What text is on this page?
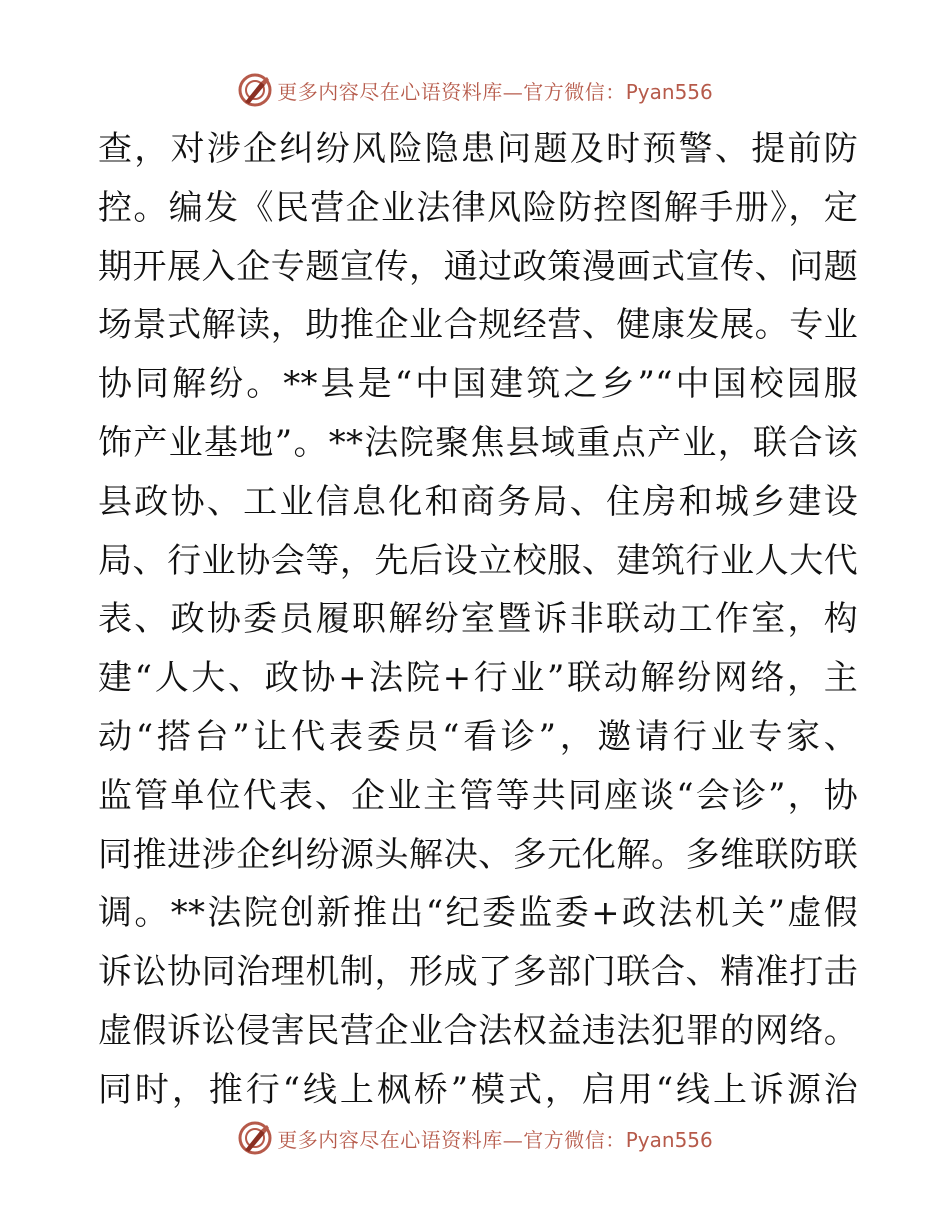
更多内容尽在心语资料库—官方微信：Pyan556
查，对涉企纠纷风险隐患问题及时预警、提前防
控。编发《民营企业法律风险防控图解手册》，定
期开展入企专题宣传，通过政策漫画式宣传、问题
场景式解读，助推企业合规经营、健康发展。专业
协同解纷。**县是“中国建筑之乡”“中国校园服
饰产业基地”。**法院聚焦县域重点产业，联合该
县政协、工业信息化和商务局、住房和城乡建设
局、行业协会等，先后设立校服、建筑行业人大代
表、政协委员履职解纷室暨诉非联动工作室，构
建“人大、政协+法院+行业”联动解纷网络，主
动“搭台”让代表委员“看诊”，邀请行业专家、
监管单位代表、企业主管等共同座谈“会诊”，协
同推进涉企纠纷源头解决、多元化解。多维联防联
调。**法院创新推出“纪委监委+政法机关”虚假
诉讼协同治理机制，形成了多部门联合、精准打击
虚假诉讼侵害民营企业合法权益违法犯罪的网络。
同时，推行“线上枫桥”模式，启用“线上诉源治
更多内容尽在心语资料库—官方微信：Pyan556
